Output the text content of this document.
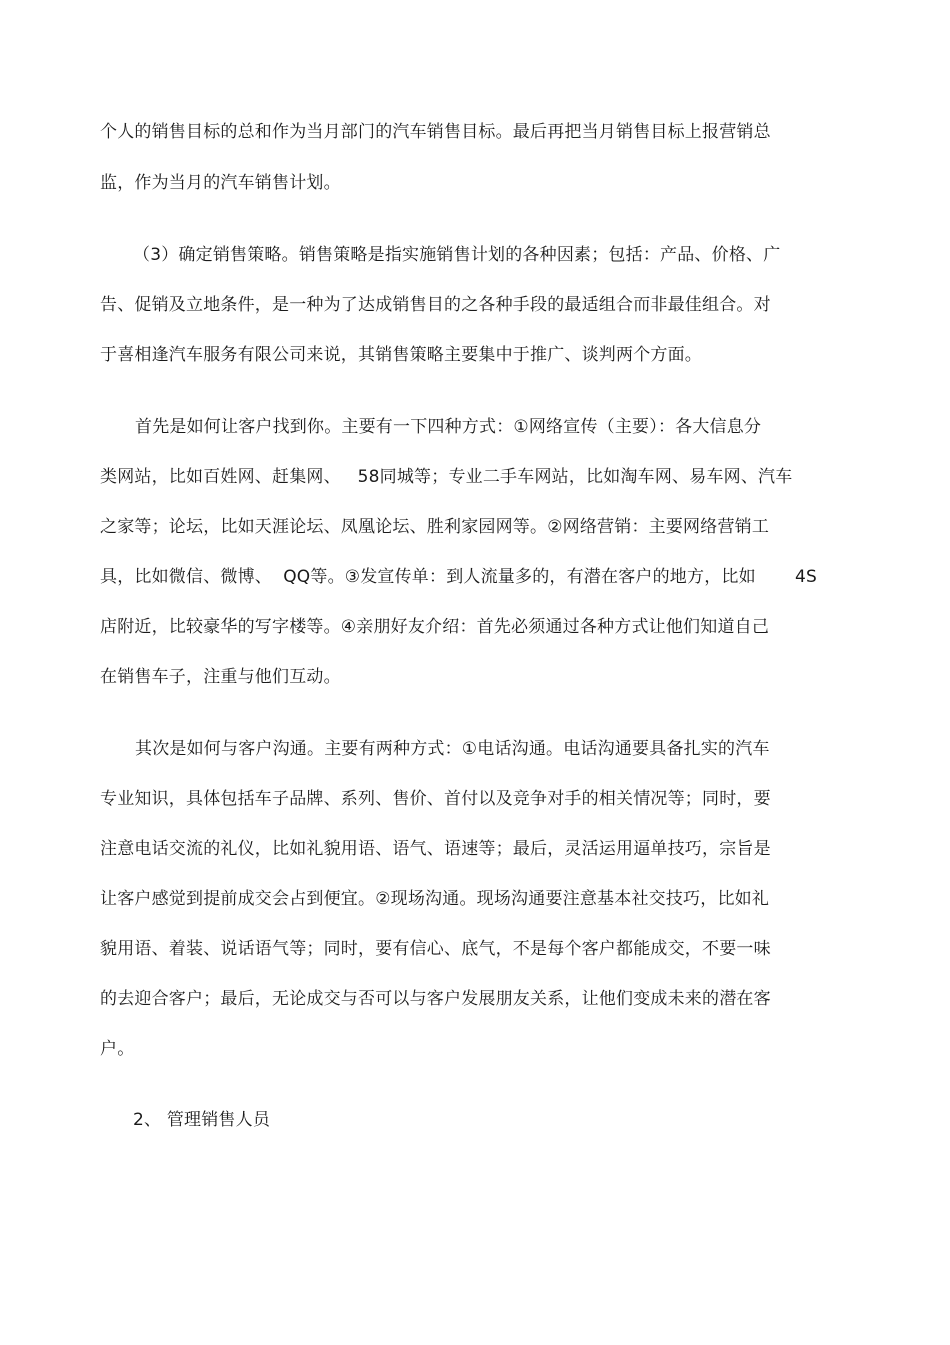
个人的销售目标的总和作为当月部门的汽车销售目标。最后再把当月销售目标上报营销总
监，作为当月的汽车销售计划。
（3）确定销售策略。销售策略是指实施销售计划的各种因素；包括：产品、价格、广
告、促销及立地条件，是一种为了达成销售目的之各种手段的最适组合而非最佳组合。对
于喜相逢汽车服务有限公司来说，其销售策略主要集中于推广、谈判两个方面。
首先是如何让客户找到你。主要有一下四种方式：①网络宣传（主要）：各大信息分
类网站，比如百姓网、赶集网、   58同城等；专业二手车网站，比如淘车网、易车网、汽车
之家等；论坛，比如天涯论坛、凤凰论坛、胜利家园网等。②网络营销：主要网络营销工
具，比如微信、微博、  QQ等。③发宣传单：到人流量多的，有潜在客户的地方，比如       4S
店附近，比较豪华的写字楼等。④亲朋好友介绍：首先必须通过各种方式让他们知道自己
在销售车子，注重与他们互动。
其次是如何与客户沟通。主要有两种方式：①电话沟通。电话沟通要具备扎实的汽车
专业知识，具体包括车子品牌、系列、售价、首付以及竞争对手的相关情况等；同时，要
注意电话交流的礼仪，比如礼貌用语、语气、语速等；最后，灵活运用逼单技巧，宗旨是
让客户感觉到提前成交会占到便宜。②现场沟通。现场沟通要注意基本社交技巧，比如礼
貌用语、着装、说话语气等；同时，要有信心、底气，不是每个客户都能成交，不要一味
的去迎合客户；最后，无论成交与否可以与客户发展朋友关系，让他们变成未来的潜在客
户。
2、 管理销售人员
